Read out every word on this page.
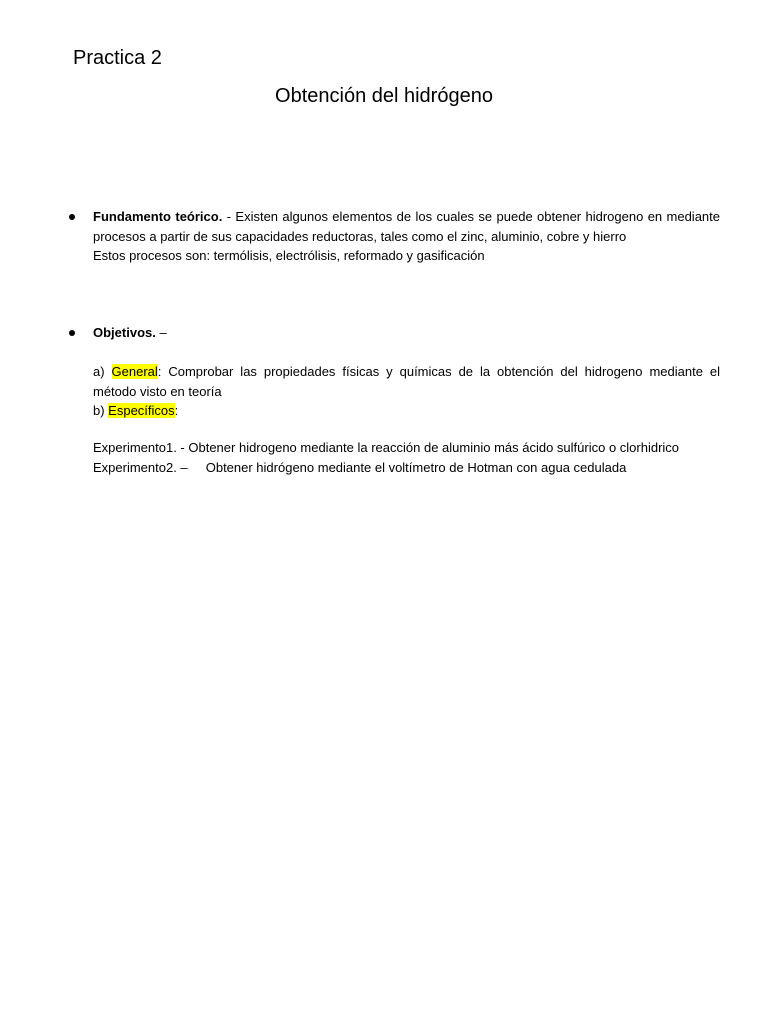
Practica 2
Obtención del hidrógeno
Fundamento teórico. - Existen algunos elementos de los cuales se puede obtener hidrogeno en mediante procesos a partir de sus capacidades reductoras, tales como el zinc, aluminio, cobre y hierro
Estos procesos son: termólisis, electrólisis, reformado y gasificación
Objetivos. –
a) General: Comprobar las propiedades físicas y químicas de la obtención del hidrogeno mediante el método visto en teoría
b) Específicos:
Experimento1. - Obtener hidrogeno mediante la reacción de aluminio más ácido sulfúrico o clorhidrico
Experimento2. –     Obtener hidrógeno mediante el voltímetro de Hotman con agua cedulada
